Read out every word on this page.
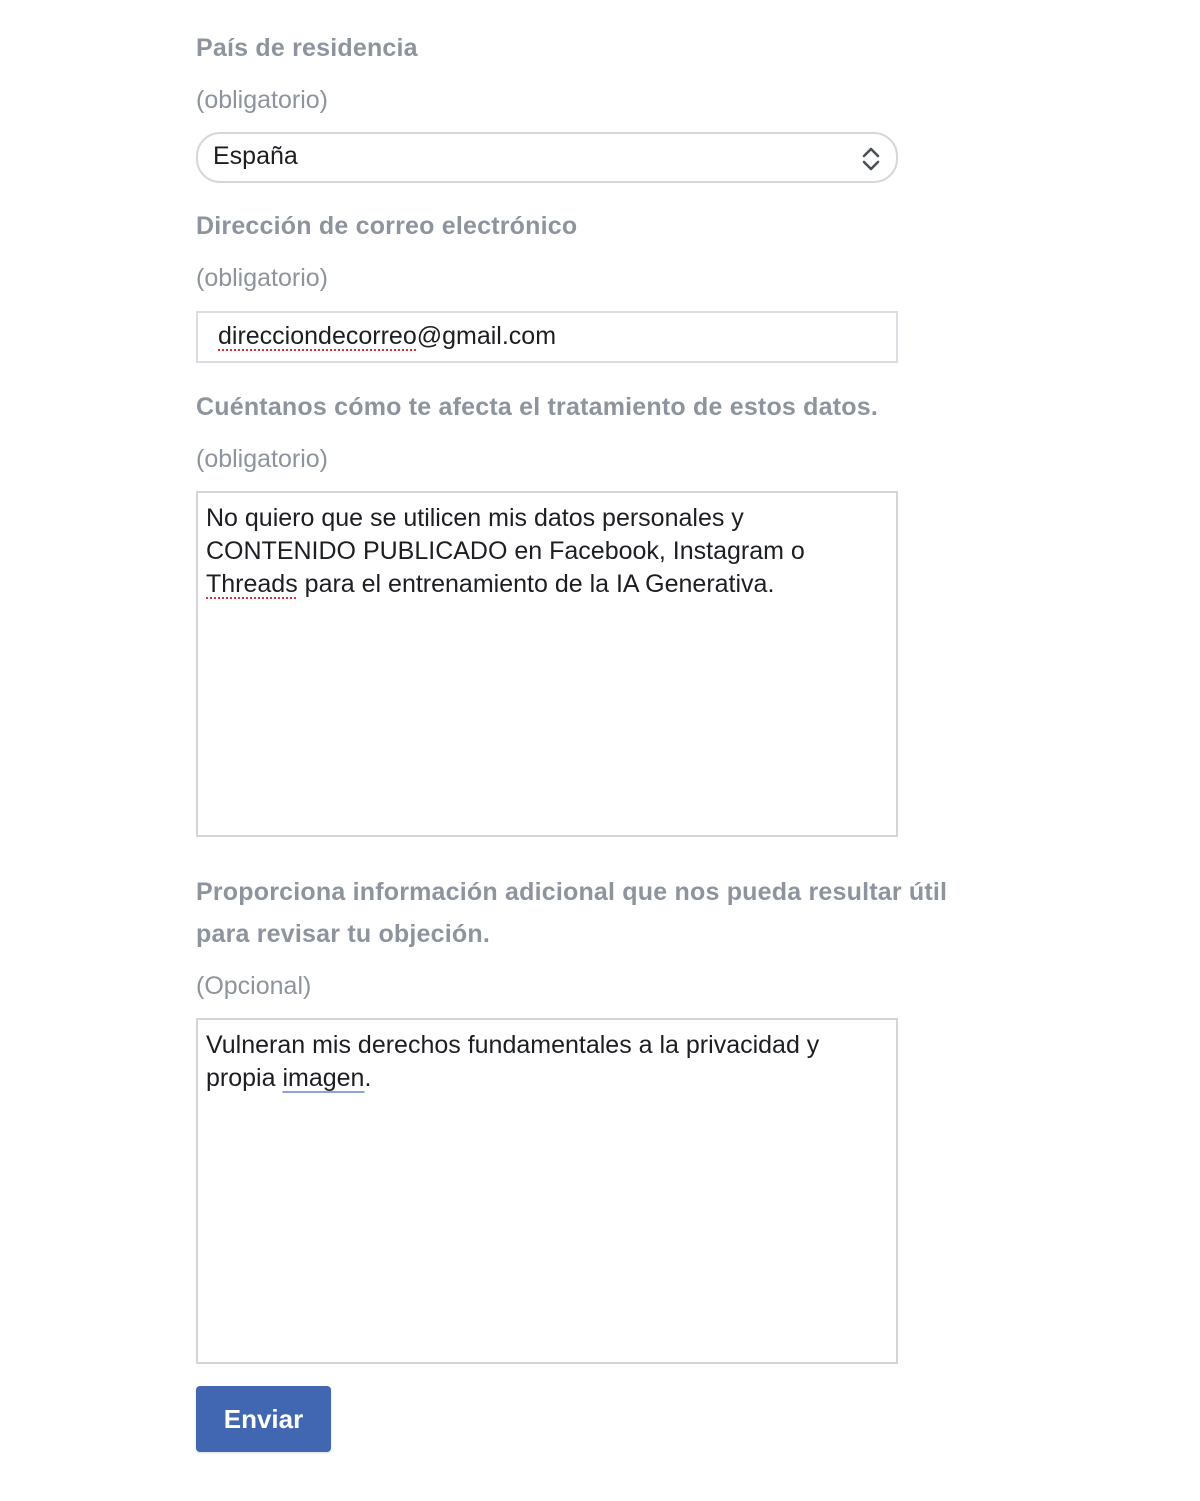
País de residencia
(obligatorio)
España
Dirección de correo electrónico
(obligatorio)
direcciondecorreo@gmail.com
Cuéntanos cómo te afecta el tratamiento de estos datos.
(obligatorio)
No quiero que se utilicen mis datos personales y
CONTENIDO PUBLICADO en Facebook, Instagram o
Threads para el entrenamiento de la IA Generativa.
Proporciona información adicional que nos pueda resultar útil
para revisar tu objeción.
(Opcional)
Vulneran mis derechos fundamentales a la privacidad y
propia imagen.
Enviar
